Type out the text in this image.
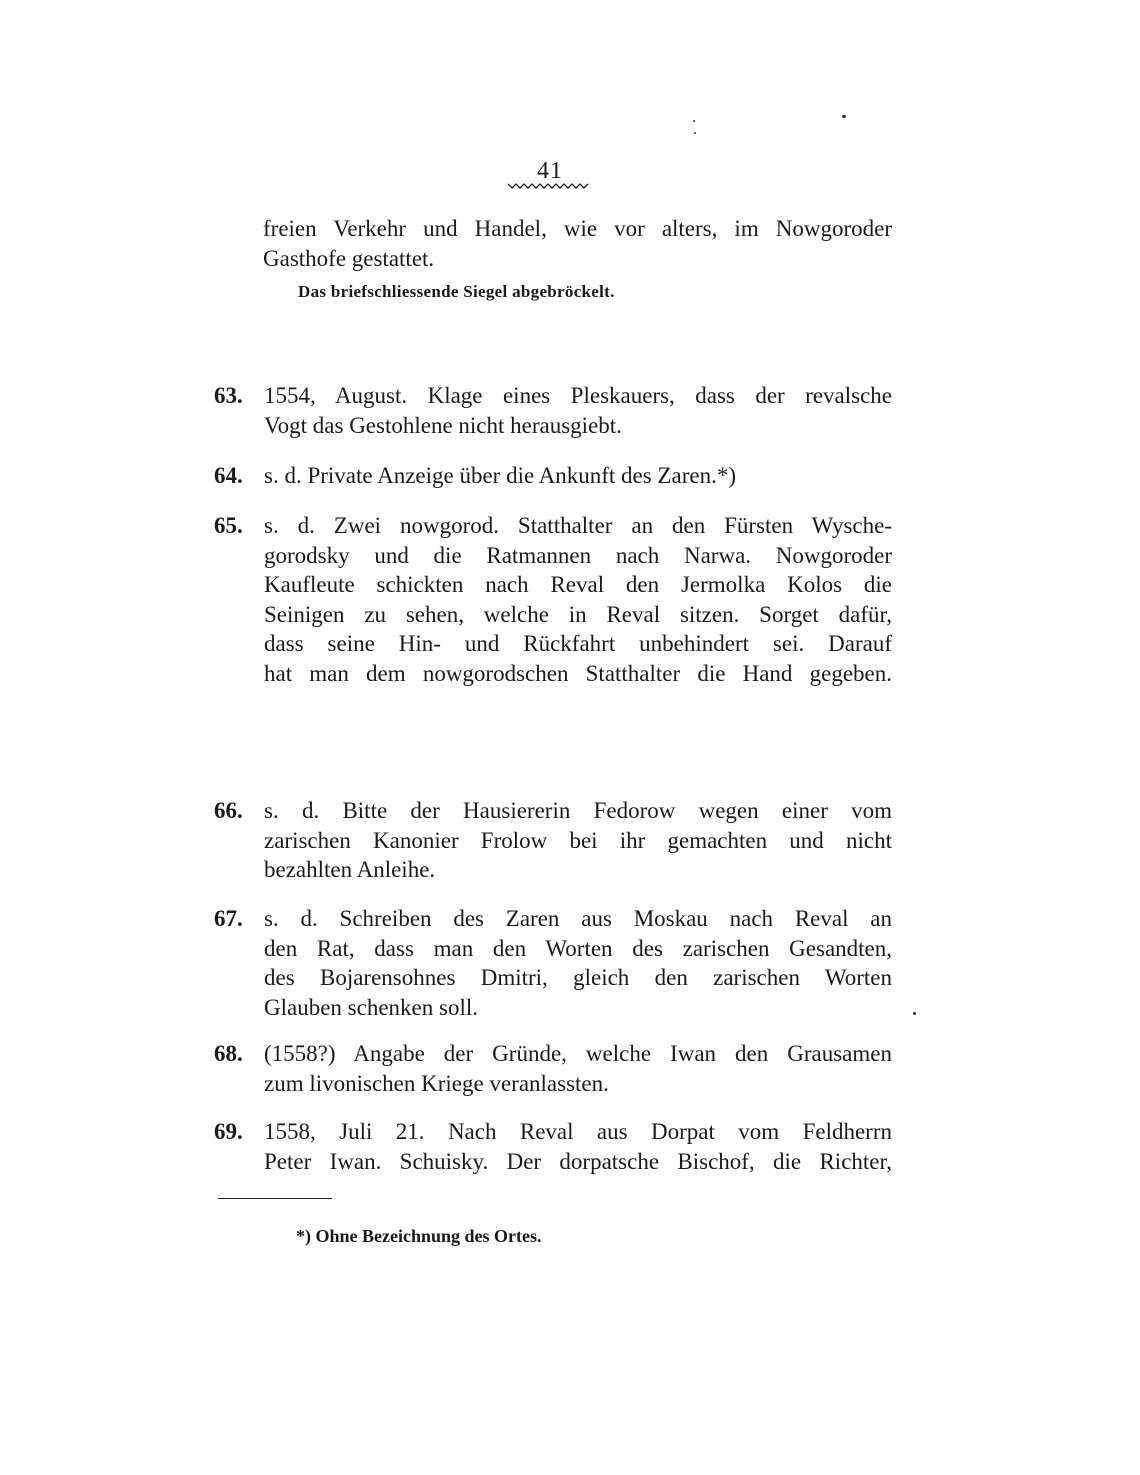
41
freien Verkehr und Handel, wie vor alters, im Nowgoroder
Gasthofe gestattet.
Das briefschliessende Siegel abgebröckelt.
63. 1554, August. Klage eines Pleskauers, dass der revalsche
Vogt das Gestohlene nicht herausgiebt.
64. s. d. Private Anzeige über die Ankunft des Zaren.*)
65. s. d. Zwei nowgorod. Statthalter an den Fürsten Wysche-
gorodsky und die Ratmannen nach Narwa. Nowgoroder
Kaufleute schickten nach Reval den Jermolka Kolos die
Seinigen zu sehen, welche in Reval sitzen. Sorget dafür,
dass seine Hin- und Rückfahrt unbehindert sei. Darauf
hat man dem nowgorodschen Statthalter die Hand gegeben.
66. s. d. Bitte der Hausiererin Fedorow wegen einer vom
zarischen Kanonier Frolow bei ihr gemachten und nicht
bezahlten Anleihe.
67. s. d. Schreiben des Zaren aus Moskau nach Reval an
den Rat, dass man den Worten des zarischen Gesandten,
des Bojarensohnes Dmitri, gleich den zarischen Worten
Glauben schenken soll.
68. (1558?) Angabe der Gründe, welche Iwan den Grausamen
zum livonischen Kriege veranlassten.
69. 1558, Juli 21. Nach Reval aus Dorpat vom Feldherrn
Peter Iwan. Schuisky. Der dorpatsche Bischof, die Richter,
*) Ohne Bezeichnung des Ortes.
